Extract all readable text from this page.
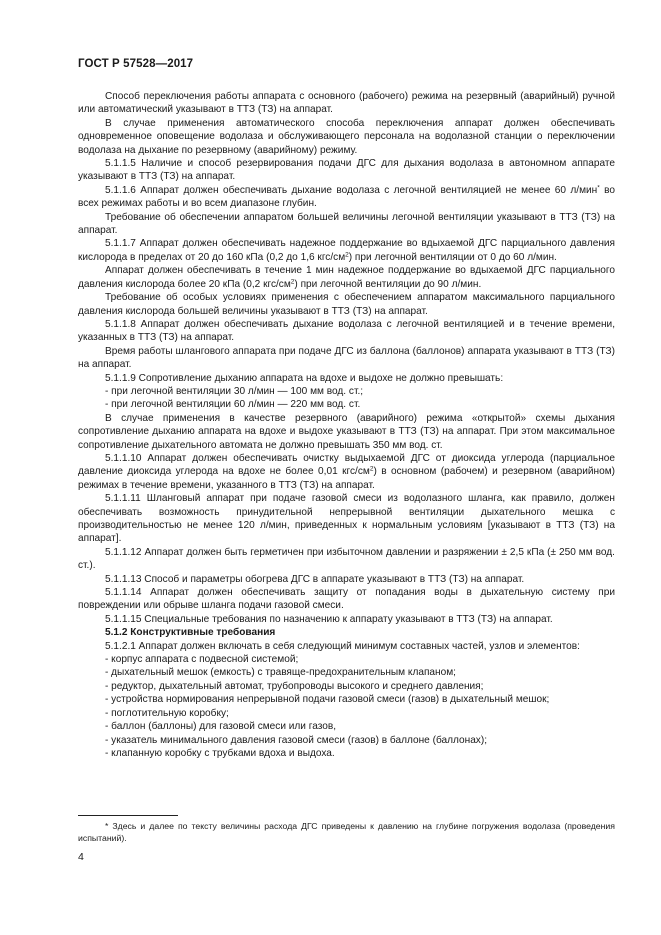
ГОСТ Р 57528—2017

Способ переключения работы аппарата с основного (рабочего) режима на резервный (аварийный) ручной или автоматический указывают в ТТЗ (ТЗ) на аппарат.

В случае применения автоматического способа переключения аппарат должен обеспечивать одновременное оповещение водолаза и обслуживающего персонала на водолазной станции о переключении водолаза на дыхание по резервному (аварийному) режиму.

5.1.1.5 Наличие и способ резервирования подачи ДГС для дыхания водолаза в автономном аппарате указывают в ТТЗ (ТЗ) на аппарат.

5.1.1.6 Аппарат должен обеспечивать дыхание водолаза с легочной вентиляцией не менее 60 л/мин* во всех режимах работы и во всем диапазоне глубин.

Требование об обеспечении аппаратом большей величины легочной вентиляции указывают в ТТЗ (ТЗ) на аппарат.

5.1.1.7 Аппарат должен обеспечивать надежное поддержание во вдыхаемой ДГС парциального давления кислорода в пределах от 20 до 160 кПа (0,2 до 1,6 кгс/$см^2$) при легочной вентиляции от 0 до 60 л/мин.

Аппарат должен обеспечивать в течение 1 мин надежное поддержание во вдыхаемой ДГС парциального давления кислорода более 20 кПа (0,2 кгс/$см^2$) при легочной вентиляции до 90 л/мин.

Требование об особых условиях применения с обеспечением аппаратом максимального парциального давления кислорода большей величины указывают в ТТЗ (ТЗ) на аппарат.

5.1.1.8 Аппарат должен обеспечивать дыхание водолаза с легочной вентиляцией и в течение времени, указанных в ТТЗ (ТЗ) на аппарат.

Время работы шлангового аппарата при подаче ДГС из баллона (баллонов) аппарата указывают в ТТЗ (ТЗ) на аппарат.

5.1.1.9 Сопротивление дыханию аппарата на вдохе и выдохе не должно превышать:

- при легочной вентиляции 30 л/мин — 100 мм вод. ст.;

- при легочной вентиляции 60 л/мин — 220 мм вод. ст.

В случае применения в качестве резервного (аварийного) режима «открытой» схемы дыхания сопротивление дыханию аппарата на вдохе и выдохе указывают в ТТЗ (ТЗ) на аппарат. При этом максимальное сопротивление дыхательного автомата не должно превышать 350 мм вод. ст.

5.1.1.10 Аппарат должен обеспечивать очистку выдыхаемой ДГС от диоксида углерода (парциальное давление диоксида углерода на вдохе не более 0,01 кгс/$см^2$) в основном (рабочем) и резервном (аварийном) режимах в течение времени, указанного в ТТЗ (ТЗ) на аппарат.

5.1.1.11 Шланговый аппарат при подаче газовой смеси из водолазного шланга, как правило, должен обеспечивать возможность принудительной непрерывной вентиляции дыхательного мешка с производительностью не менее 120 л/мин, приведенных к нормальным условиям [указывают в ТТЗ (ТЗ) на аппарат].

5.1.1.12 Аппарат должен быть герметичен при избыточном давлении и разряжении ± 2,5 кПа (± 250 мм вод. ст.).

5.1.1.13 Способ и параметры обогрева ДГС в аппарате указывают в ТТЗ (ТЗ) на аппарат.

5.1.1.14 Аппарат должен обеспечивать защиту от попадания воды в дыхательную систему при повреждении или обрыве шланга подачи газовой смеси.

5.1.1.15 Специальные требования по назначению к аппарату указывают в ТТЗ (ТЗ) на аппарат.

5.1.2 Конструктивные требования

5.1.2.1 Аппарат должен включать в себя следующий минимум составных частей, узлов и элементов:

- корпус аппарата с подвесной системой;

- дыхательный мешок (емкость) с травяще-предохранительным клапаном;

- редуктор, дыхательный автомат, трубопроводы высокого и среднего давления;

- устройства нормирования непрерывной подачи газовой смеси (газов) в дыхательный мешок;

- поглотительную коробку;

- баллон (баллоны) для газовой смеси или газов,

- указатель минимального давления газовой смеси (газов) в баллоне (баллонах);

- клапанную коробку с трубками вдоха и выдоха.

* Здесь и далее по тексту величины расхода ДГС приведены к давлению на глубине погружения водолаза (проведения испытаний).
4
